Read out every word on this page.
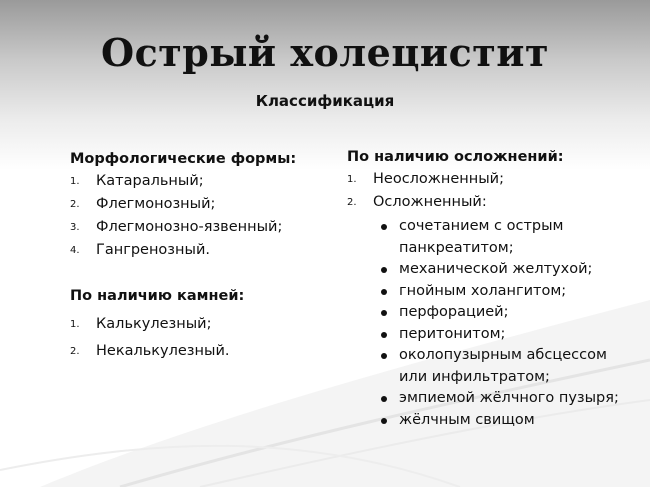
Острый холецистит
Классификация

Морфологические формы:

1. Катаральный;
2. Флегмонозный;
3. Флегмонозно-язвенный;
4. Гангренозный.

По наличию камней:

1. Калькулезный;
2. Некалькулезный.

По наличию осложнений:

1. Неосложненный;
2. Осложненный:
сочетанием с острым панкреатитом;
механической желтухой;
гнойным холангитом;
перфорацией;
перитонитом;
околопузырным абсцессом или инфильтратом;
эмпиемой жёлчного пузыря;
жёлчным свищом
